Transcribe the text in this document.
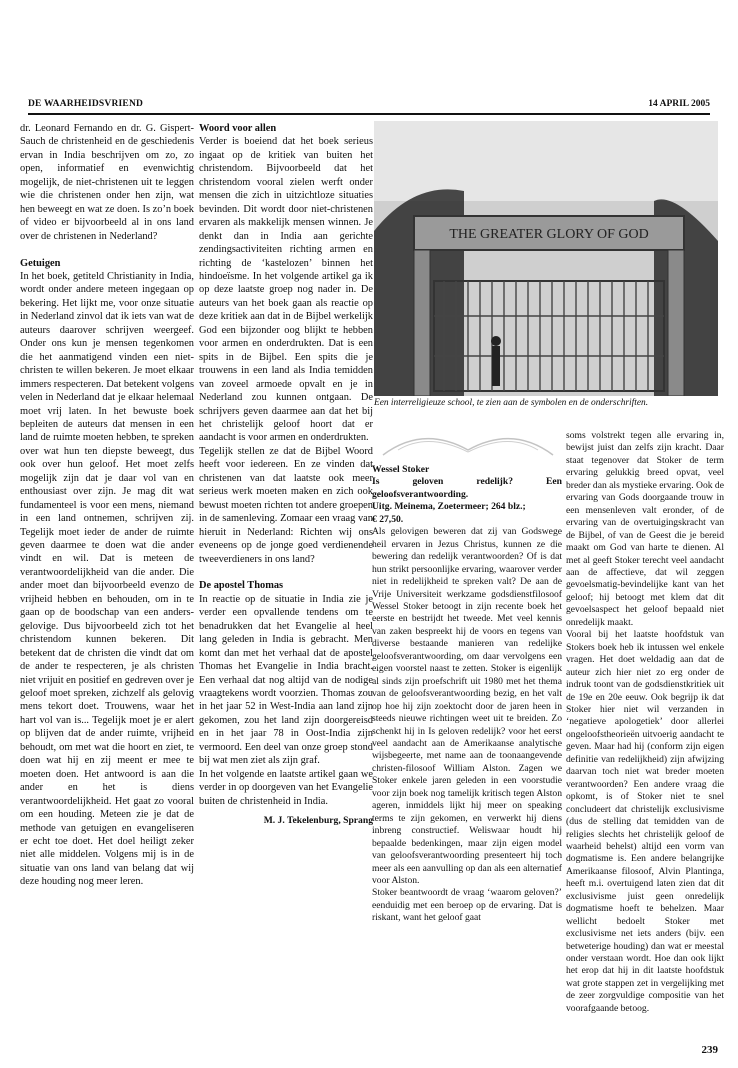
DE WAARHEIDSVRIEND	14 APRIL 2005

dr. Leonard Fernando en dr. G. Gispert-Sauch de christenheid en de geschiedenis ervan in India beschrijven om zo, zo open, informatief en evenwichtig mogelijk, de niet-christenen uit te leggen wie die christenen onder hen zijn, wat hen beweegt en wat ze doen. Is zo’n boek of video er bijvoorbeeld al in ons land over de christenen in Nederland?

Getuigen

In het boek, getiteld Christianity in India, wordt onder andere meteen ingegaan op bekering. Het lijkt me, voor onze situatie in Nederland zinvol dat ik iets van wat de auteurs daarover schrijven weergeef. Onder ons kun je mensen tegenkomen die het aanmatigend vinden een niet-christen te willen bekeren. Je moet elkaar immers respecteren. Dat betekent volgens velen in Nederland dat je elkaar helemaal moet vrij laten. In het bewuste boek bepleiten de auteurs dat mensen in een land de ruimte moeten hebben, te spreken over wat hun ten diepste beweegt, dus ook over hun geloof. Het moet zelfs mogelijk zijn dat je daar vol van en enthousiast over zijn. Je mag dit wat fundamenteel is voor een mens, niemand in een land ontnemen, schrijven zij. Tegelijk moet ieder de ander de ruimte geven daarmee te doen wat die ander vindt en wil. Dat is meteen de verantwoordelijkheid van die ander. Die ander moet dan bijvoorbeeld evenzo de vrijheid hebben en behouden, om in te gaan op de boodschap van een anders-gelovige. Dus bijvoorbeeld zich tot het christendom kunnen bekeren. Dit betekent dat de christen die vindt dat om de ander te respecteren, je als christen niet vrijuit en positief en gedreven over je geloof moet spreken, zichzelf als gelovig mens tekort doet. Trouwens, waar het hart vol van is... Tegelijk moet je er alert op blijven dat de ander ruimte, vrijheid behoudt, om met wat die hoort en ziet, te doen wat hij en zij meent er mee te moeten doen. Het antwoord is aan die ander en het is diens verantwoordelijkheid. Het gaat zo vooral om een houding. Meteen zie je dat de methode van getuigen en evangeliseren er echt toe doet. Het doel heiligt zeker niet alle middelen. Volgens mij is in de situatie van ons land van belang dat wij deze houding nog meer leren.

Woord voor allen

Verder is boeiend dat het boek serieus ingaat op de kritiek van buiten het christendom. Bijvoorbeeld dat het christendom vooral zielen werft onder mensen die zich in uitzichtloze situaties bevinden. Dit wordt door niet-christenen ervaren als makkelijk mensen winnen. Je denkt dan in India aan gerichte zendingsactiviteiten richting armen en richting de ‘kastelozen’ binnen het hindoeïsme. In het volgende artikel ga ik op deze laatste groep nog nader in. De auteurs van het boek gaan als reactie op deze kritiek aan dat in de Bijbel werkelijk God een bijzonder oog blijkt te hebben voor armen en onderdrukten. Dat is een spits in de Bijbel. Een spits die je trouwens in een land als India temidden van zoveel armoede opvalt en je in Nederland zou kunnen ontgaan. De schrijvers geven daarmee aan dat het bij het christelijk geloof hoort dat er aandacht is voor armen en onderdrukten.

Tegelijk stellen ze dat de Bijbel Woord heeft voor iedereen. En ze vinden dat christenen van dat laatste ook meer serieus werk moeten maken en zich ook bewust moeten richten tot andere groepen in de samenleving. Zomaar een vraag van hieruit in Nederland: Richten wij ons eveneens op de jonge goed verdienende tweeverdieners in ons land?

De apostel Thomas

In reactie op de situatie in India zie je verder een opvallende tendens om te benadrukken dat het Evangelie al heel lang geleden in India is gebracht. Men komt dan met het verhaal dat de apostel Thomas het Evangelie in India bracht. Een verhaal dat nog altijd van de nodige vraagtekens wordt voorzien. Thomas zou in het jaar 52 in West-India aan land zijn gekomen, zou het land zijn doorgereisd en in het jaar 78 in Oost-India zijn vermoord. Een deel van onze groep stond bij wat men ziet als zijn graf.

In het volgende en laatste artikel gaan we verder in op doorgeven van het Evangelie buiten de christenheid in India.

M. J. Tekelenburg, Sprang

THE GREATER GLORY OF GOD
Een interreligieuze school, te zien aan de symbolen en de onderschriften.
Wessel Stoker

Is geloven redelijk? Een geloofsverantwoording.

Uitg. Meinema, Zoetermeer; 264 blz.;

€ 27,50.

Als gelovigen beweren dat zij van Godswege heil ervaren in Jezus Christus, kunnen ze die bewering dan redelijk verantwoorden? Of is dat hun strikt persoonlijke ervaring, waarover verder niet in redelijkheid te spreken valt? De aan de Vrije Universiteit werkzame godsdienstfilosoof Wessel Stoker betoogt in zijn recente boek het eerste en bestrijdt het tweede. Met veel kennis van zaken bespreekt hij de voors en tegens van diverse bestaande manieren van redelijke geloofsverantwoording, om daar vervolgens een eigen voorstel naast te zetten. Stoker is eigenlijk al sinds zijn proefschrift uit 1980 met het thema van de geloofsverantwoording bezig, en het valt op hoe hij zijn zoektocht door de jaren heen in steeds nieuwe richtingen weet uit te breiden. Zo schenkt hij in Is geloven redelijk? voor het eerst veel aandacht aan de Amerikaanse analytische wijsbegeerte, met name aan de toonaangevende christen-filosoof William Alston. Zagen we Stoker enkele jaren geleden in een voorstudie voor zijn boek nog tamelijk kritisch tegen Alston ageren, inmiddels lijkt hij meer on speaking terms te zijn gekomen, en verwerkt hij diens inbreng constructief. Weliswaar houdt hij bepaalde bedenkingen, maar zijn eigen model van geloofsverantwoording presenteert hij toch meer als een aanvulling op dan als een alternatief voor Alston.

Stoker beantwoordt de vraag ‘waarom geloven?’ eenduidig met een beroep op de ervaring. Dat is riskant, want het geloof gaat

soms volstrekt tegen alle ervaring in, bewijst juist dan zelfs zijn kracht. Daar staat tegenover dat Stoker de term ervaring gelukkig breed opvat, veel breder dan als mystieke ervaring. Ook de ervaring van Gods doorgaande trouw in een mensenleven valt eronder, of de ervaring van de overtuigingskracht van de Bijbel, of van de Geest die je bereid maakt om God van harte te dienen. Al met al geeft Stoker terecht veel aandacht aan de affectieve, dat wil zeggen gevoelsmatig-bevindelijke kant van het geloof; hij betoogt met klem dat dit gevoelsaspect het geloof bepaald niet onredelijk maakt.

Vooral bij het laatste hoofdstuk van Stokers boek heb ik intussen wel enkele vragen. Het doet weldadig aan dat de auteur zich hier niet zo erg onder de indruk toont van de godsdienstkritiek uit de 19e en 20e eeuw. Ook begrijp ik dat Stoker hier niet wil verzanden in ‘negatieve apologetiek’ door allerlei ongeloofstheorieën uitvoerig aandacht te geven. Maar had hij (conform zijn eigen definitie van redelijkheid) zijn afwijzing daarvan toch niet wat breder moeten verantwoorden? Een andere vraag die opkomt, is of Stoker niet te snel concludeert dat christelijk exclusivisme (dus de stelling dat temidden van de religies slechts het christelijk geloof de waarheid behelst) altijd een vorm van dogmatisme is. Een andere belangrijke Amerikaanse filosoof, Alvin Plantinga, heeft m.i. overtuigend laten zien dat dit exclusivisme juist geen onredelijk dogmatisme hoeft te behelzen. Maar wellicht bedoelt Stoker met exclusivisme net iets anders (bijv. een betweterige houding) dan wat er meestal onder verstaan wordt. Hoe dan ook lijkt het erop dat hij in dit laatste hoofdstuk wat grote stappen zet in vergelijking met de zeer zorgvuldige compositie van het voorafgaande betoog.

239
